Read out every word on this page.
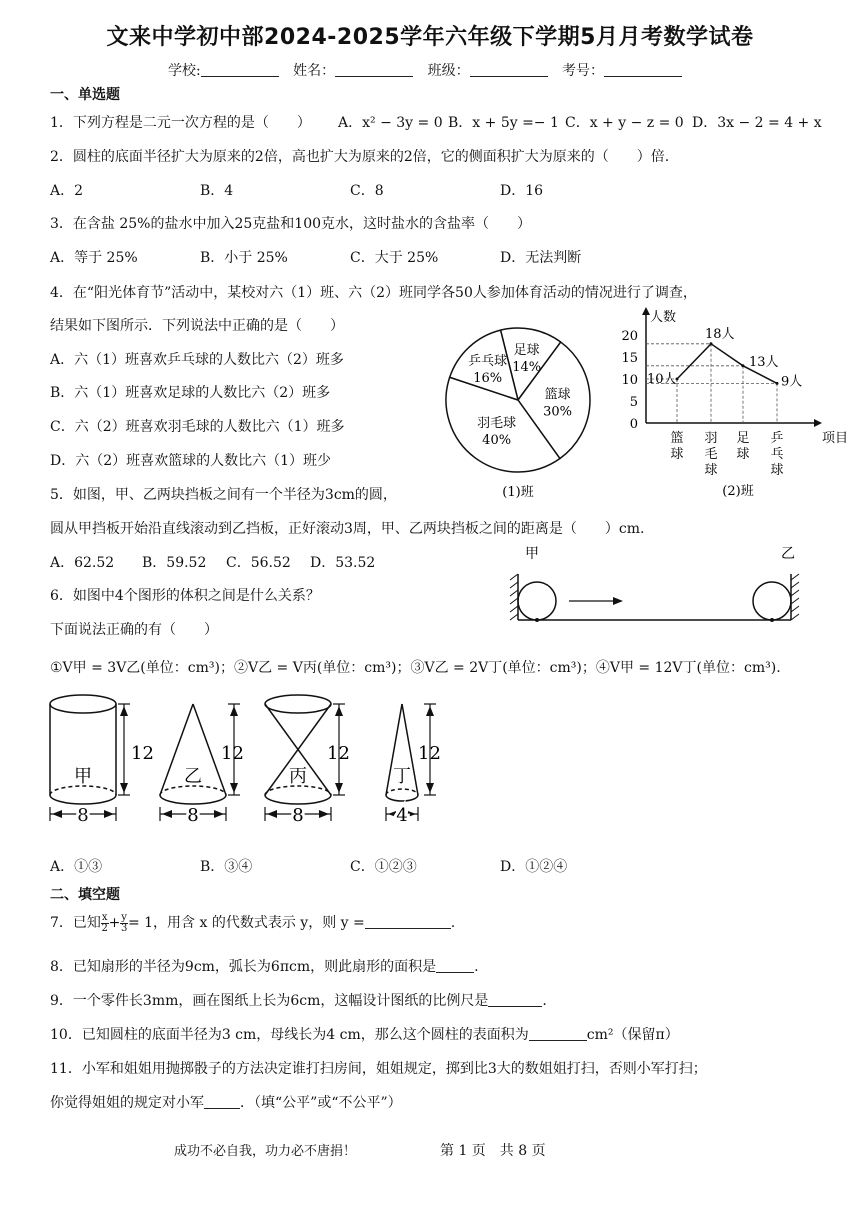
文来中学初中部2024-2025学年六年级下学期5月月考数学试卷
学校:	姓名：	班级：	考号：
一、单选题
1．下列方程是二元一次方程的是（　　） A．x² − 3y = 0 B．x + 5y =− 1 C．x + y − z = 0 D．3x − 2 = 4 + x
2．圆柱的底面半径扩大为原来的2倍，高也扩大为原来的2倍，它的侧面积扩大为原来的（　　）倍.
A．2	B．4	C．8	D．16
3．在含盐 25%的盐水中加入25克盐和100克水，这时盐水的含盐率（　　）
A．等于 25%	B．小于 25%	C．大于 25%	D．无法判断
4．在“阳光体育节”活动中，某校对六（1）班、六（2）班同学各50人参加体育活动的情况进行了调查，
结果如下图所示．下列说法中正确的是（　　）
A．六（1）班喜欢乒乓球的人数比六（2）班多
B．六（1）班喜欢足球的人数比六（2）班多
C．六（2）班喜欢羽毛球的人数比六（1）班多
D．六（2）班喜欢篮球的人数比六（1）班少
足球
14%
篮球
30%
羽毛球
40%
乒乓球
16%
(1)班
人数
项目
0
5
10
15
20
10人
18人
13人
9人
篮
球
羽
毛
球
足
球
乒
乓
球
(2)班
5．如图，甲、乙两块挡板之间有一个半径为3cm的圆，
圆从甲挡板开始沿直线滚动到乙挡板，正好滚动3周，甲、乙两块挡板之间的距离是（　　）cm.
A．62.52 B．59.52 C．56.52 D．53.52
甲	乙
6．如图中4个图形的体积之间是什么关系？
下面说法正确的有（　　）
①V甲 = 3V乙(单位：cm³)；②V乙 = V丙(单位：cm³)；③V乙 = 2V丁(单位：cm³)；④V甲 = 12V丁(单位：cm³).
甲	乙	丙	丁
12	12	12	12
8	8	8	4
A．①③	B．③④	C．①②③	D．①②④
二、填空题
7．已知 $\frac{x}{2} + \frac{y}{3} = 1$，用含 x 的代数式表示 y，则 y =	.
8．已知扇形的半径为9cm，弧长为6πcm，则此扇形的面积是	.
9．一个零件长3mm，画在图纸上长为6cm，这幅设计图纸的比例尺是	.
10．已知圆柱的底面半径为3 cm，母线长为4 cm，那么这个圆柱的表面积为	cm²（保留π）
11．小军和姐姐用抛掷骰子的方法决定谁打扫房间，姐姐规定，掷到比3大的数姐姐打扫，否则小军打扫；
你觉得姐姐的规定对小军	．（填“公平”或“不公平”）
成功不必自我，功力必不唐捐！	第 1 页　共 8 页
